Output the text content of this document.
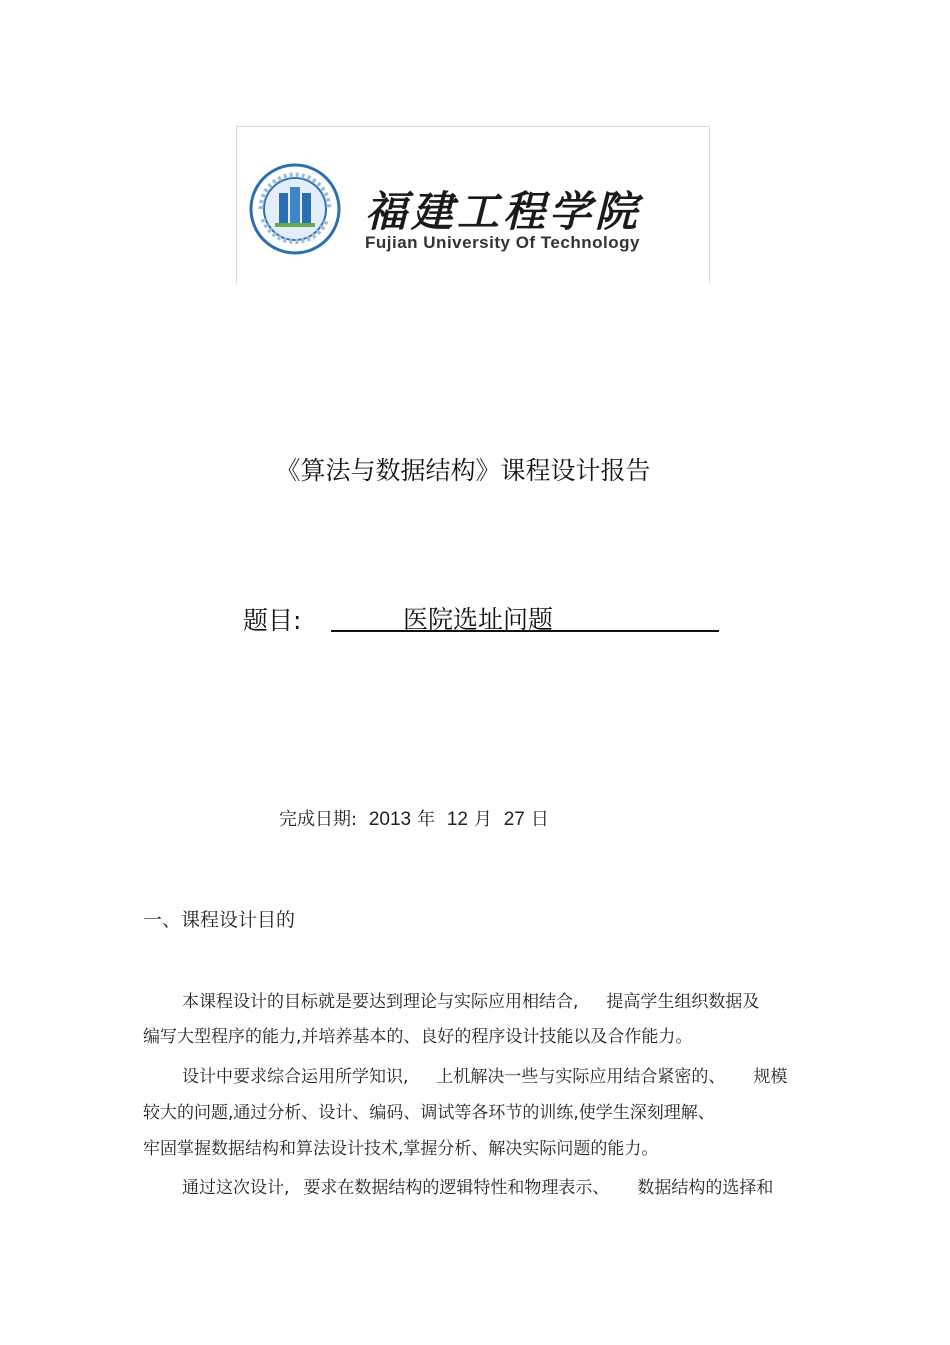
福建工程学院
Fujian University Of Technology
《算法与数据结构》课程设计报告
题目:	医院选址问题
完成日期: 2013 年 12 月 27 日
一、课程设计目的
本课程设计的目标就是要达到理论与实际应用相结合, 提高学生组织数据及
编写大型程序的能力,并培养基本的、良好的程序设计技能以及合作能力。
设计中要求综合运用所学知识, 上机解决一些与实际应用结合紧密的、 规模
较大的问题,通过分析、设计、编码、调试等各环节的训练,使学生深刻理解、
牢固掌握数据结构和算法设计技术,掌握分析、解决实际问题的能力。
通过这次设计, 要求在数据结构的逻辑特性和物理表示、 数据结构的选择和
